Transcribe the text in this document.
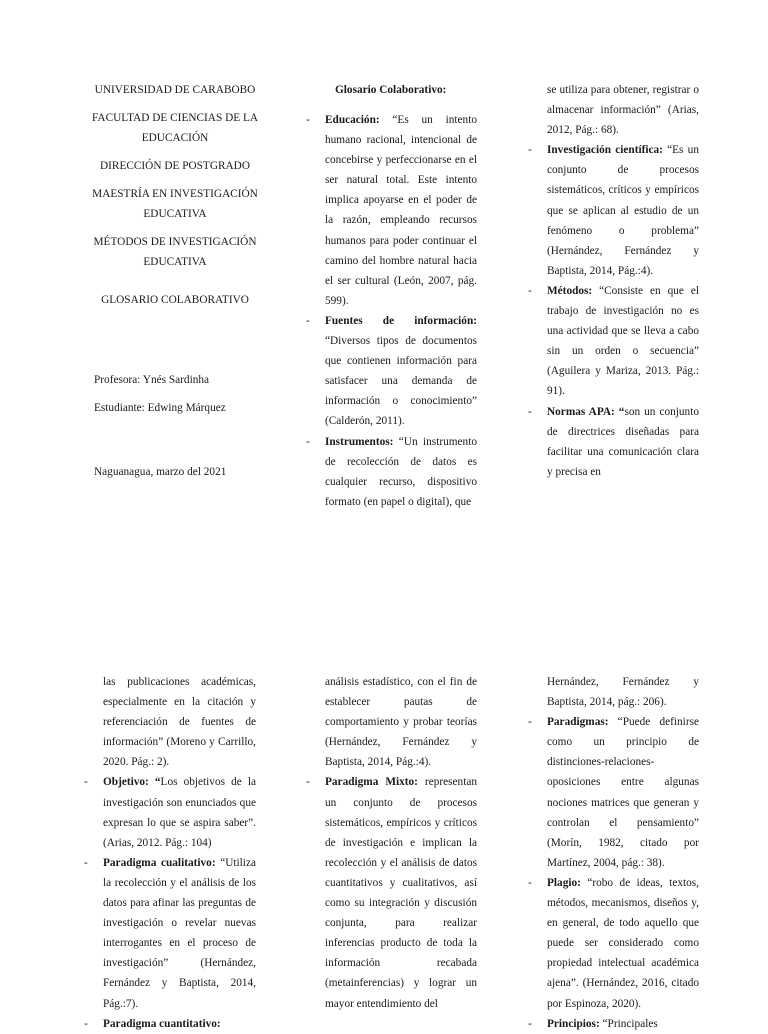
UNIVERSIDAD DE CARABOBO

FACULTAD DE CIENCIAS DE LA EDUCACIÓN

DIRECCIÓN DE POSTGRADO

MAESTRÍA EN INVESTIGACIÓN EDUCATIVA

MÉTODOS DE INVESTIGACIÓN EDUCATIVA

GLOSARIO COLABORATIVO

Profesora: Ynés Sardinha

Estudiante: Edwing Márquez

Naguanagua, marzo del 2021

Glosario Colaborativo:

- Educación: “Es un intento humano racional, intencional de concebirse y perfeccionarse en el ser natural total. Este intento implica apoyarse en el poder de la razón, empleando recursos humanos para poder continuar el camino del hombre natural hacia el ser cultural (León, 2007, pág. 599).

- Fuentes de información: “Diversos tipos de documentos que contienen información para satisfacer una demanda de información o conocimiento” (Calderón, 2011).

- Instrumentos: “Un instrumento de recolección de datos es cualquier recurso, dispositivo formato (en papel o digital), que

se utiliza para obtener, registrar o almacenar información” (Arias, 2012, Pág.: 68).

- Investigación científica: “Es un conjunto de procesos sistemáticos, críticos y empíricos que se aplican al estudio de un fenómeno o problema” (Hernández, Fernández y Baptista, 2014, Pág.:4).

- Métodos: “Consiste en que el trabajo de investigación no es una actividad que se lleva a cabo sin un orden o secuencia” (Aguilera y Mariza, 2013. Pág.: 91).

- Normas APA: “son un conjunto de directrices diseñadas para facilitar una comunicación clara y precisa en

las publicaciones académicas, especialmente en la citación y referenciación de fuentes de información” (Moreno y Carrillo, 2020. Pág.: 2).

- Objetivo: “Los objetivos de la investigación son enunciados que expresan lo que se aspira saber”. (Arias, 2012. Pág.: 104)

- Paradigma cualitativo: “Utiliza la recolección y el análisis de los datos para afinar las preguntas de investigación o revelar nuevas interrogantes en el proceso de investigación” (Hernández, Fernández y Baptista, 2014, Pág.:7).

- Paradigma cuantitativo:

análisis estadístico, con el fin de establecer pautas de comportamiento y probar teorías (Hernández, Fernández y Baptista, 2014, Pág.:4).

- Paradigma Mixto: representan un conjunto de procesos sistemáticos, empíricos y críticos de investigación e implican la recolección y el análisis de datos cuantitativos y cualitativos, así como su integración y discusión conjunta, para realizar inferencias producto de toda la información recabada (metainferencias) y lograr un mayor entendimiento del

Hernández, Fernández y Baptista, 2014, pág.: 206).

- Paradigmas: “Puede definirse como un principio de distinciones-relaciones-oposiciones entre algunas nociones matrices que generan y controlan el pensamiento” (Morín, 1982, citado por Martínez, 2004, pág.: 38).

- Plagio: “robo de ideas, textos, métodos, mecanismos, diseños y, en general, de todo aquello que puede ser considerado como propiedad intelectual académica ajena”. (Hernández, 2016, citado por Espinoza, 2020).

- Principios: “Principales
